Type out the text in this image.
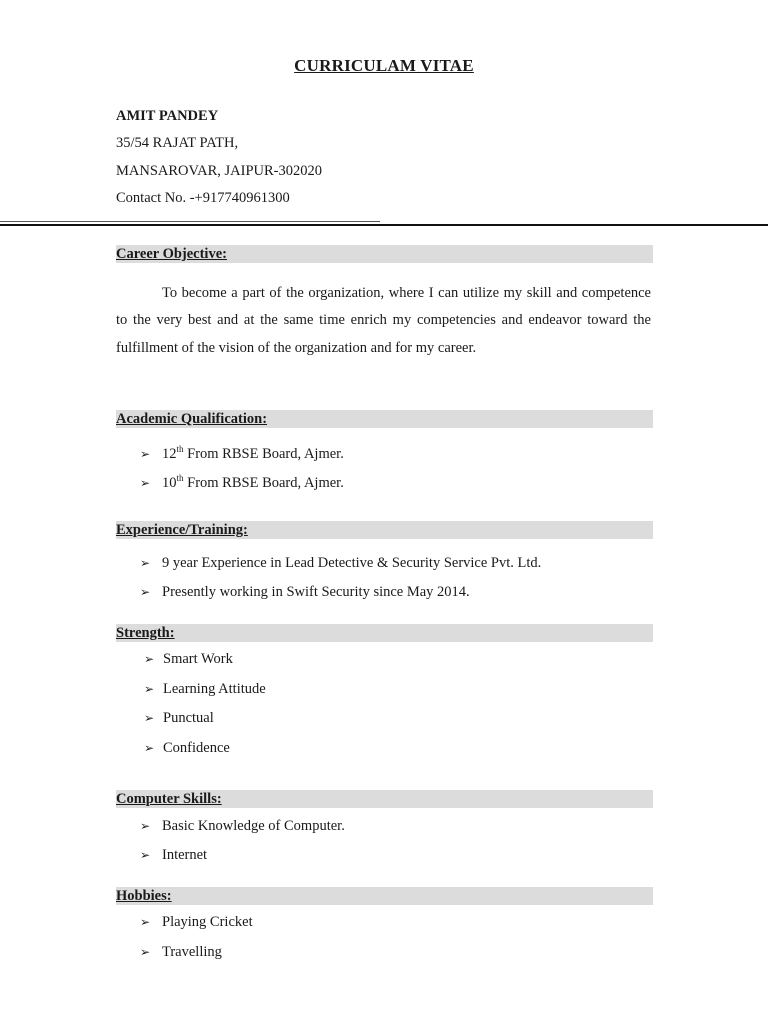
CURRICULAM VITAE
AMIT PANDEY
35/54 RAJAT PATH,
MANSAROVAR, JAIPUR-302020
Contact No. -+917740961300
Career Objective:
To become a part of the organization, where I can utilize my skill and competence to the very best and at the same time enrich my competencies and endeavor toward the fulfillment of the vision of the organization and for my career.
Academic Qualification:
➢ 12th From RBSE Board, Ajmer.
➢ 10th From RBSE Board, Ajmer.
Experience/Training:
➢ 9 year Experience in Lead Detective & Security Service Pvt. Ltd.
➢ Presently working in Swift Security since May 2014.
Strength:
➢ Smart Work
➢ Learning Attitude
➢ Punctual
➢ Confidence
Computer Skills:
➢ Basic Knowledge of Computer.
➢ Internet
Hobbies:
➢ Playing Cricket
➢ Travelling
